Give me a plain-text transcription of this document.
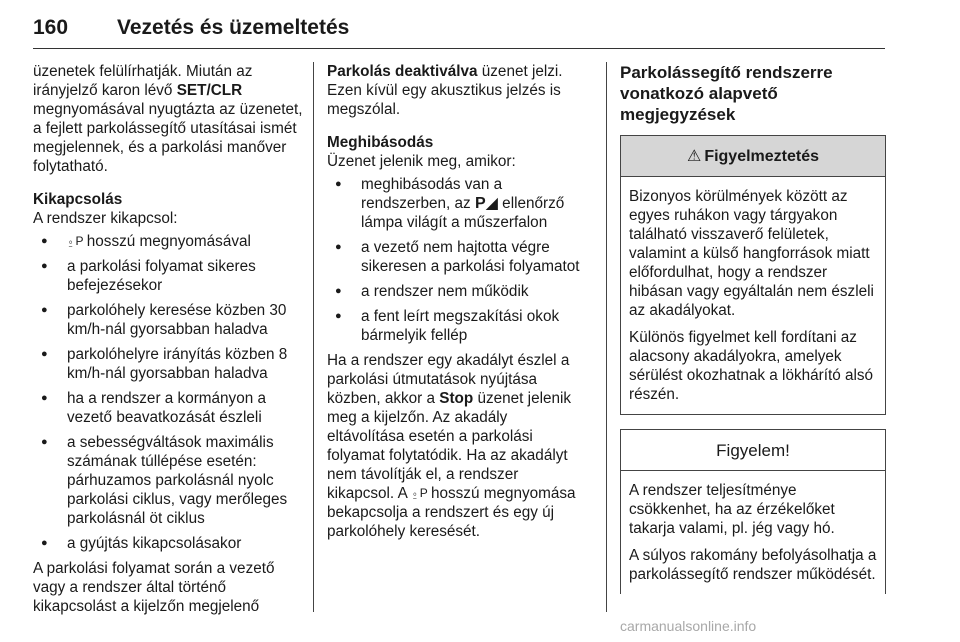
160 Vezetés és üzemeltetés

üzenetek felülírhatják. Miután az irányjelző karon lévő SET/CLR megnyomásával nyugtázta az üzenetet, a fejlett parkolássegítő utasításai ismét megjelennek, és a parkolási manőver folytatható.

Kikapcsolás

A rendszer kikapcsol:

● ⍛ P hosszú megnyomásával
● a parkolási folyamat sikeres befejezésekor
● parkolóhely keresése közben 30 km/h-nál gyorsabban haladva
● parkolóhelyre irányítás közben 8 km/h-nál gyorsabban haladva
● ha a rendszer a kormányon a vezető beavatkozását észleli
● a sebességváltások maximális számának túllépése esetén: párhuzamos parkolásnál nyolc parkolási ciklus, vagy merőleges parkolásnál öt ciklus
● a gyújtás kikapcsolásakor

A parkolási folyamat során a vezető vagy a rendszer által történő kikapcsolást a kijelzőn megjelenő

Parkolás deaktiválva üzenet jelzi. Ezen kívül egy akusztikus jelzés is megszólal.

Meghibásodás

Üzenet jelenik meg, amikor:

● meghibásodás van a rendszerben, az P◢ ellenőrző lámpa világít a műszerfalon
● a vezető nem hajtotta végre sikeresen a parkolási folyamatot
● a rendszer nem működik
● a fent leírt megszakítási okok bármelyik fellép

Ha a rendszer egy akadályt észlel a parkolási útmutatások nyújtása közben, akkor a Stop üzenet jelenik meg a kijelzőn. Az akadály eltávolítása esetén a parkolási folyamat folytatódik. Ha az akadályt nem távolítják el, a rendszer kikapcsol. A ⍛ P hosszú megnyomása bekapcsolja a rendszert és egy új parkolóhely keresését.

Parkolássegítő rendszerre vonatkozó alapvető megjegyzések

⚠ Figyelmeztetés

Bizonyos körülmények között az egyes ruhákon vagy tárgyakon található visszaverő felületek, valamint a külső hangforrások miatt előfordulhat, hogy a rendszer hibásan vagy egyáltalán nem észleli az akadályokat.

Különös figyelmet kell fordítani az alacsony akadályokra, amelyek sérülést okozhatnak a lökhárító alsó részén.

Figyelem!

A rendszer teljesítménye csökkenhet, ha az érzékelőket takarja valami, pl. jég vagy hó.

A súlyos rakomány befolyásolhatja a parkolássegítő rendszer működését.

carmanualsonline.info
